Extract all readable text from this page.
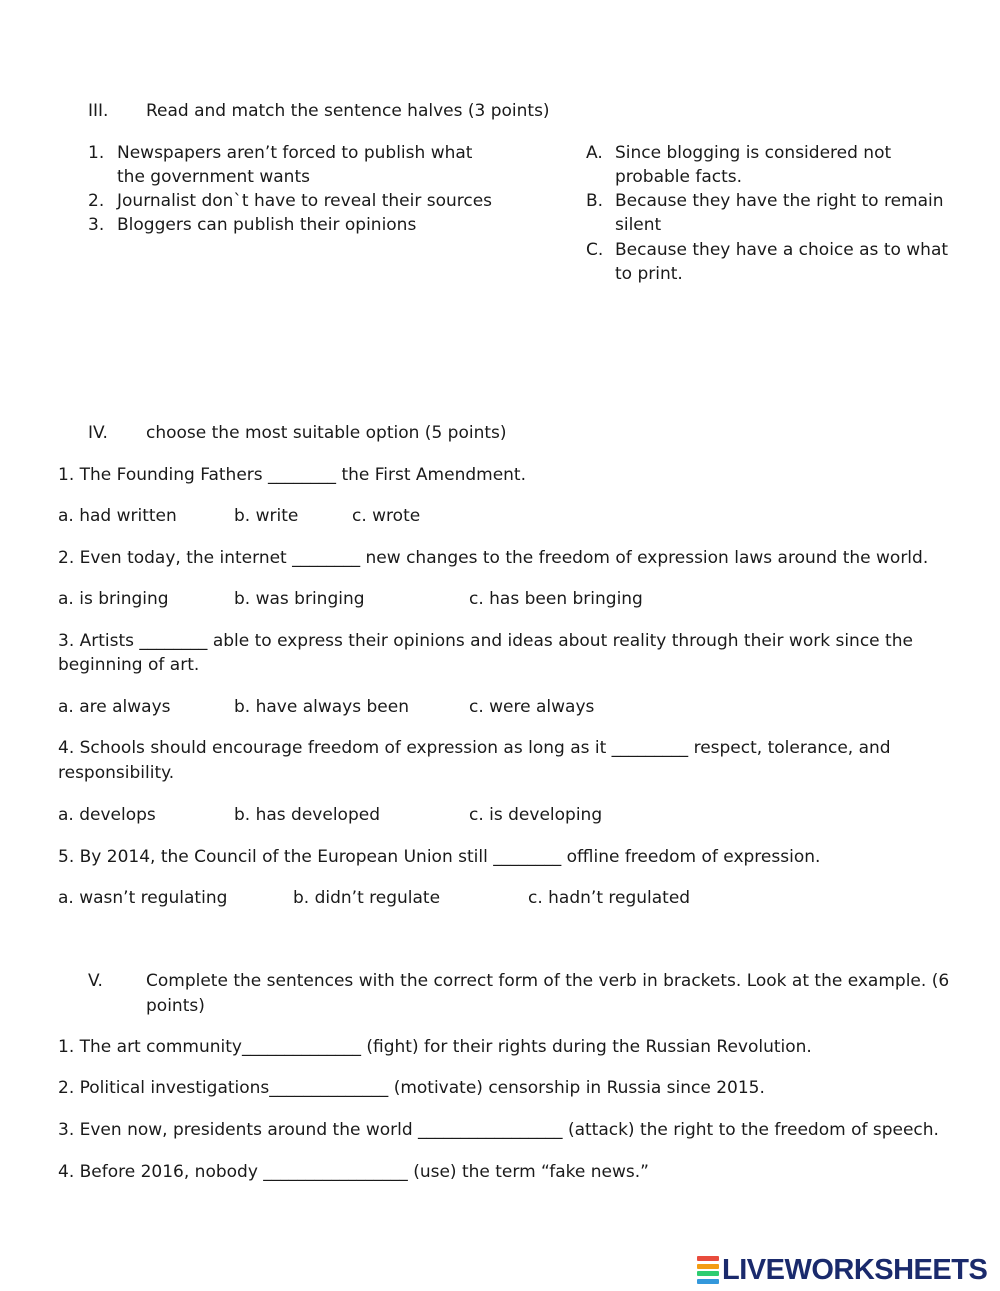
III. Read and match the sentence halves (3 points)
1. Newspapers aren’t forced to publish what
the government wants
2. Journalist don`t have to reveal their sources
3. Bloggers can publish their opinions
A. Since blogging is considered not
probable facts.
B. Because they have the right to remain
silent
C. Because they have a choice as to what
to print.
IV. choose the most suitable option (5 points)
1. The Founding Fathers ________ the First Amendment.
a. had written	b. write	c. wrote
2. Even today, the internet ________ new changes to the freedom of expression laws around the world.
a. is bringing	b. was bringing	c. has been bringing
3. Artists ________ able to express their opinions and ideas about reality through their work since the
beginning of art.
a. are always	b. have always been	c. were always
4. Schools should encourage freedom of expression as long as it _________ respect, tolerance, and
responsibility.
a. develops	b. has developed	c. is developing
5. By 2014, the Council of the European Union still ________ offline freedom of expression.
a. wasn’t regulating	b. didn’t regulate	c. hadn’t regulated
V.	Complete the sentences with the correct form of the verb in brackets. Look at the example. (6
points)
1. The art community______________ (fight) for their rights during the Russian Revolution.
2. Political investigations______________ (motivate) censorship in Russia since 2015.
3. Even now, presidents around the world _________________ (attack) the right to the freedom of speech.
4. Before 2016, nobody _________________ (use) the term “fake news.”
LIVEWORKSHEETS
